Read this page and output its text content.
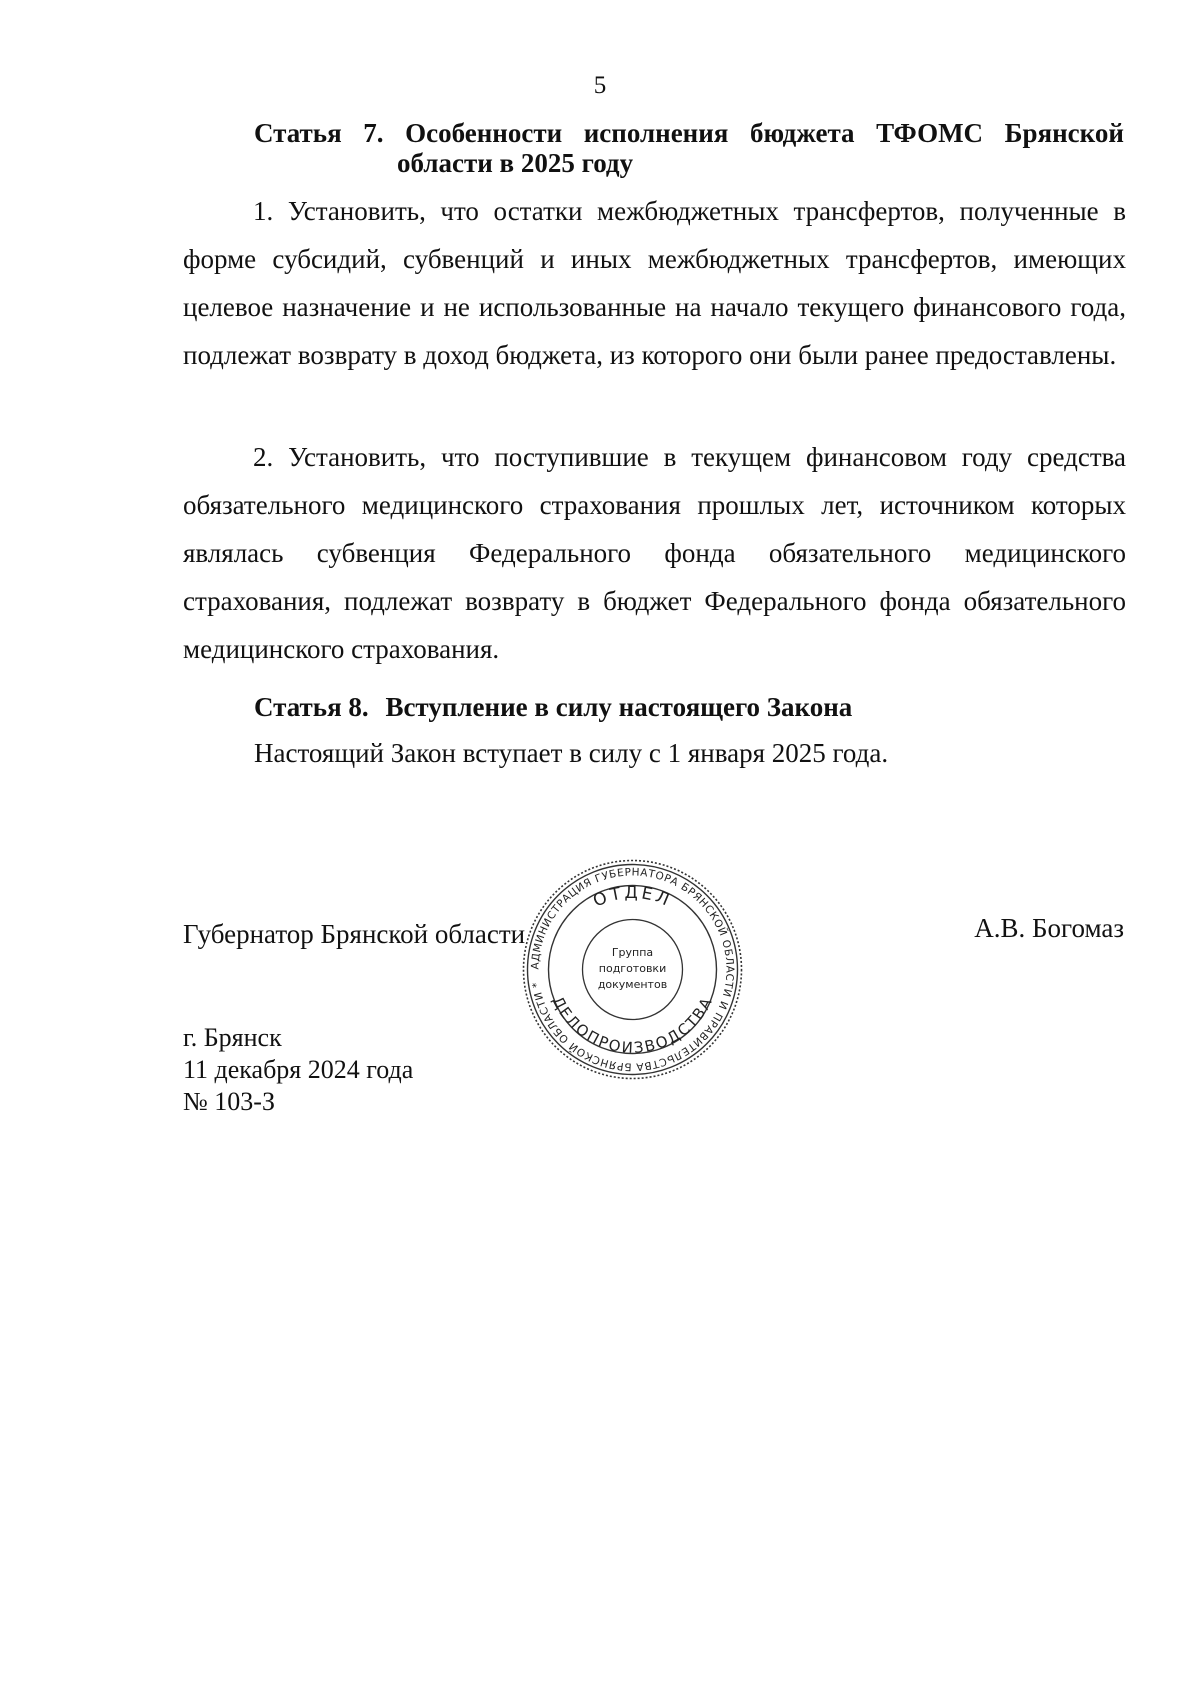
5
Статья 7. Особенности исполнения бюджета ТФОМС Брянской
области в 2025 году
1. Установить, что остатки межбюджетных трансфертов, полученные в форме субсидий, субвенций и иных межбюджетных трансфертов, имеющих целевое назначение и не использованные на начало текущего финансового года, подлежат возврату в доход бюджета, из которого они были ранее предоставлены.
2. Установить, что поступившие в текущем финансовом году средства обязательного медицинского страхования прошлых лет, источником которых являлась субвенция Федерального фонда обязательного медицинского страхования, подлежат возврату в бюджет Федерального фонда обязательного медицинского страхования.
Статья 8. Вступление в силу настоящего Закона
Настоящий Закон вступает в силу с 1 января 2025 года.
Губернатор Брянской области	А.В. Богомаз
г. Брянск
11 декабря 2024 года
№ 103-З
АДМИНИСТРАЦИЯ ГУБЕРНАТОРА БРЯНСКОЙ ОБЛАСТИ И ПРАВИТЕЛЬСТВА БРЯНСКОЙ ОБЛАСТИ *
ОТДЕЛ
ДЕЛОПРОИЗВОДСТВА
Группа
подготовки
документов
